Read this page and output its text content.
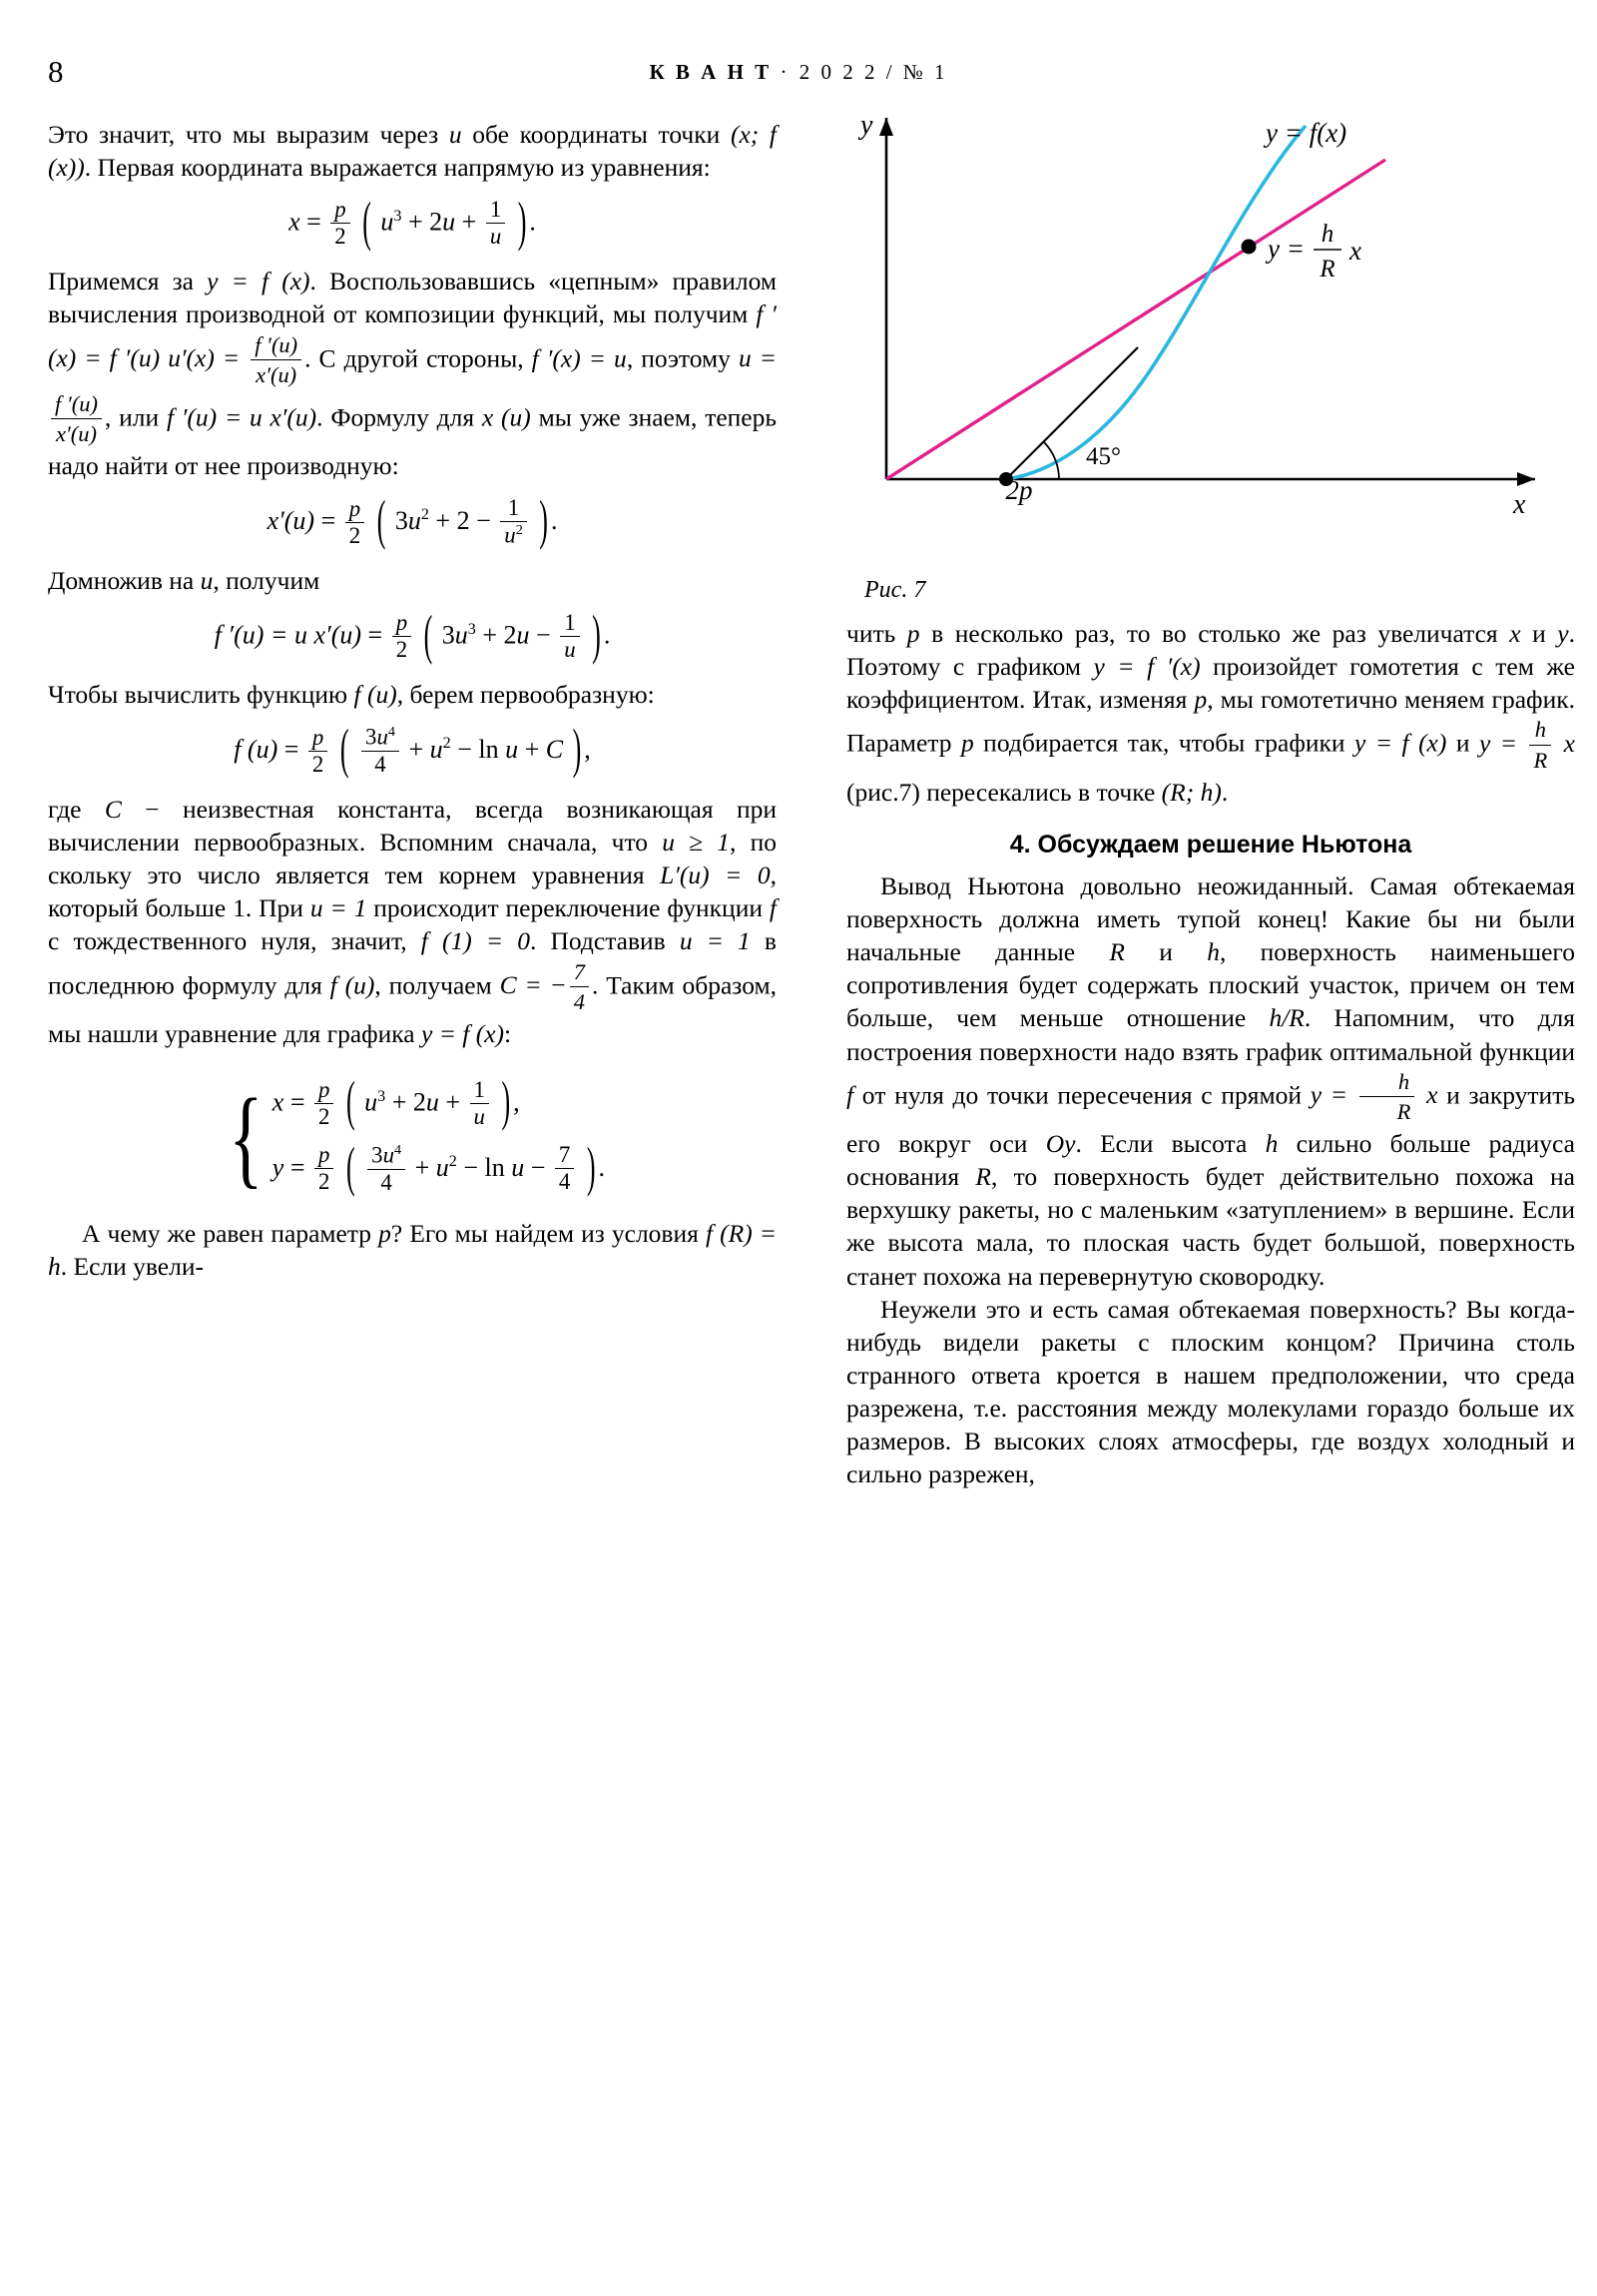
8	К В А Н Т · 2 0 2 2 / № 1

Это значит, что мы выразим через u обе координаты точки (x; f (x)). Первая коорди​ната выражается напрямую из уравнения:

$x = \frac{p}{2}$ ( $u^3 + 2u + \frac{1}{u}$ ) .

Примемся за y = f (x). Воспользовавшись «цепным» правилом вычисления произ​водной от композиции функций, мы полу​чим f ′(x) = f ′(u) $u'(x) = \frac{f '(u)}{x'(u)}$ . С другой стороны, f ′(x) = u, поэтому u =
$\frac{f '(u)}{x'(u)}$ , или f ′(u) = u x′(u). Формулу для x (u) мы уже знаем, теперь надо найти от нее производ​ную:

$x'(u) = \frac{p}{2}$ ( $3u^2 + 2 - \frac{1}{u^2}$ ) .

Домножив на u, получим

f ′(u) = u $x'(u) = \frac{p}{2}$ ( $3u^3 + 2u - \frac{1}{u}$ ) .

Чтобы вычислить функцию f (u), берем первообразную:

f $(u) = \frac{p}{2}$ ( $\frac{3u^4}{4} + u^2 - \ln u + C$ ) ,

где C − неизвестная константа, всегда возникающая при вычислении первообраз​ных. Вспомним сначала, что u ≥ 1, по​скольку это число является тем корнем уравнения L′(u) = 0, который больше 1. При u = 1 происходит переключение функ​ции f с тождественного нуля, значит, f (1) = 0. Подставив u = 1 в последнюю формулу для f (u), получаем C = − $\frac{7}{4}$ . Та​ким образом, мы нашли уравнение для графика y = f (x):

{ $x = \frac{p}{2}$ ( $u^3 + 2u + \frac{1}{u}$ ) ,
$y = \frac{p}{2}$ ( $\frac{3u^4}{4} + u^2 - \ln u - \frac{7}{4}$ ) .

А чему же равен параметр p? Его мы найдем из условия f (R) = h. Если увели-

y
x
2p
45°
y = f(x)
y = h
R
x
Рис. 7

чить p в несколько раз, то во столько же раз увеличатся x и y. Поэтому с графиком y = f ′(x) произойдет гомотетия с тем же коэффициентом. Итак, изменяя p, мы го​мотетично меняем график. Параметр p под​бирается так, чтобы графики y = f (x) и $y = \frac{h}{R}$ x (рис.7) пересекались в точке (R; h).

4. Обсуждаем решение Ньютона

Вывод Ньютона довольно неожиданный. Самая обтекаемая поверхность должна иметь тупой конец! Какие бы ни были начальные данные R и h, поверхность наименьшего сопротивления будет содер​жать плоский участок, причем он тем больше, чем меньше отношение h/R. На​помним, что для построения поверхности надо взять график оптимальной функции f от нуля до точки пересечения с прямой $y = \frac{h}{R}$ x и закрутить его вокруг оси Oy. Если высота h сильно больше радиуса основания R, то поверхность будет дей​ствительно похожа на верхушку ракеты, но с маленьким «затуплением» в вершине. Если же высота мала, то плоская часть будет большой, поверхность станет похо​жа на перевернутую сковородку.

Неужели это и есть самая обтекаемая поверхность? Вы когда-нибудь видели ракеты с плоским концом? Причина столь странного ответа кроется в нашем предпо​ложении, что среда разрежена, т.е. рассто​яния между молекулами гораздо больше их размеров. В высоких слоях атмосферы, где воздух холодный и сильно разрежен,
